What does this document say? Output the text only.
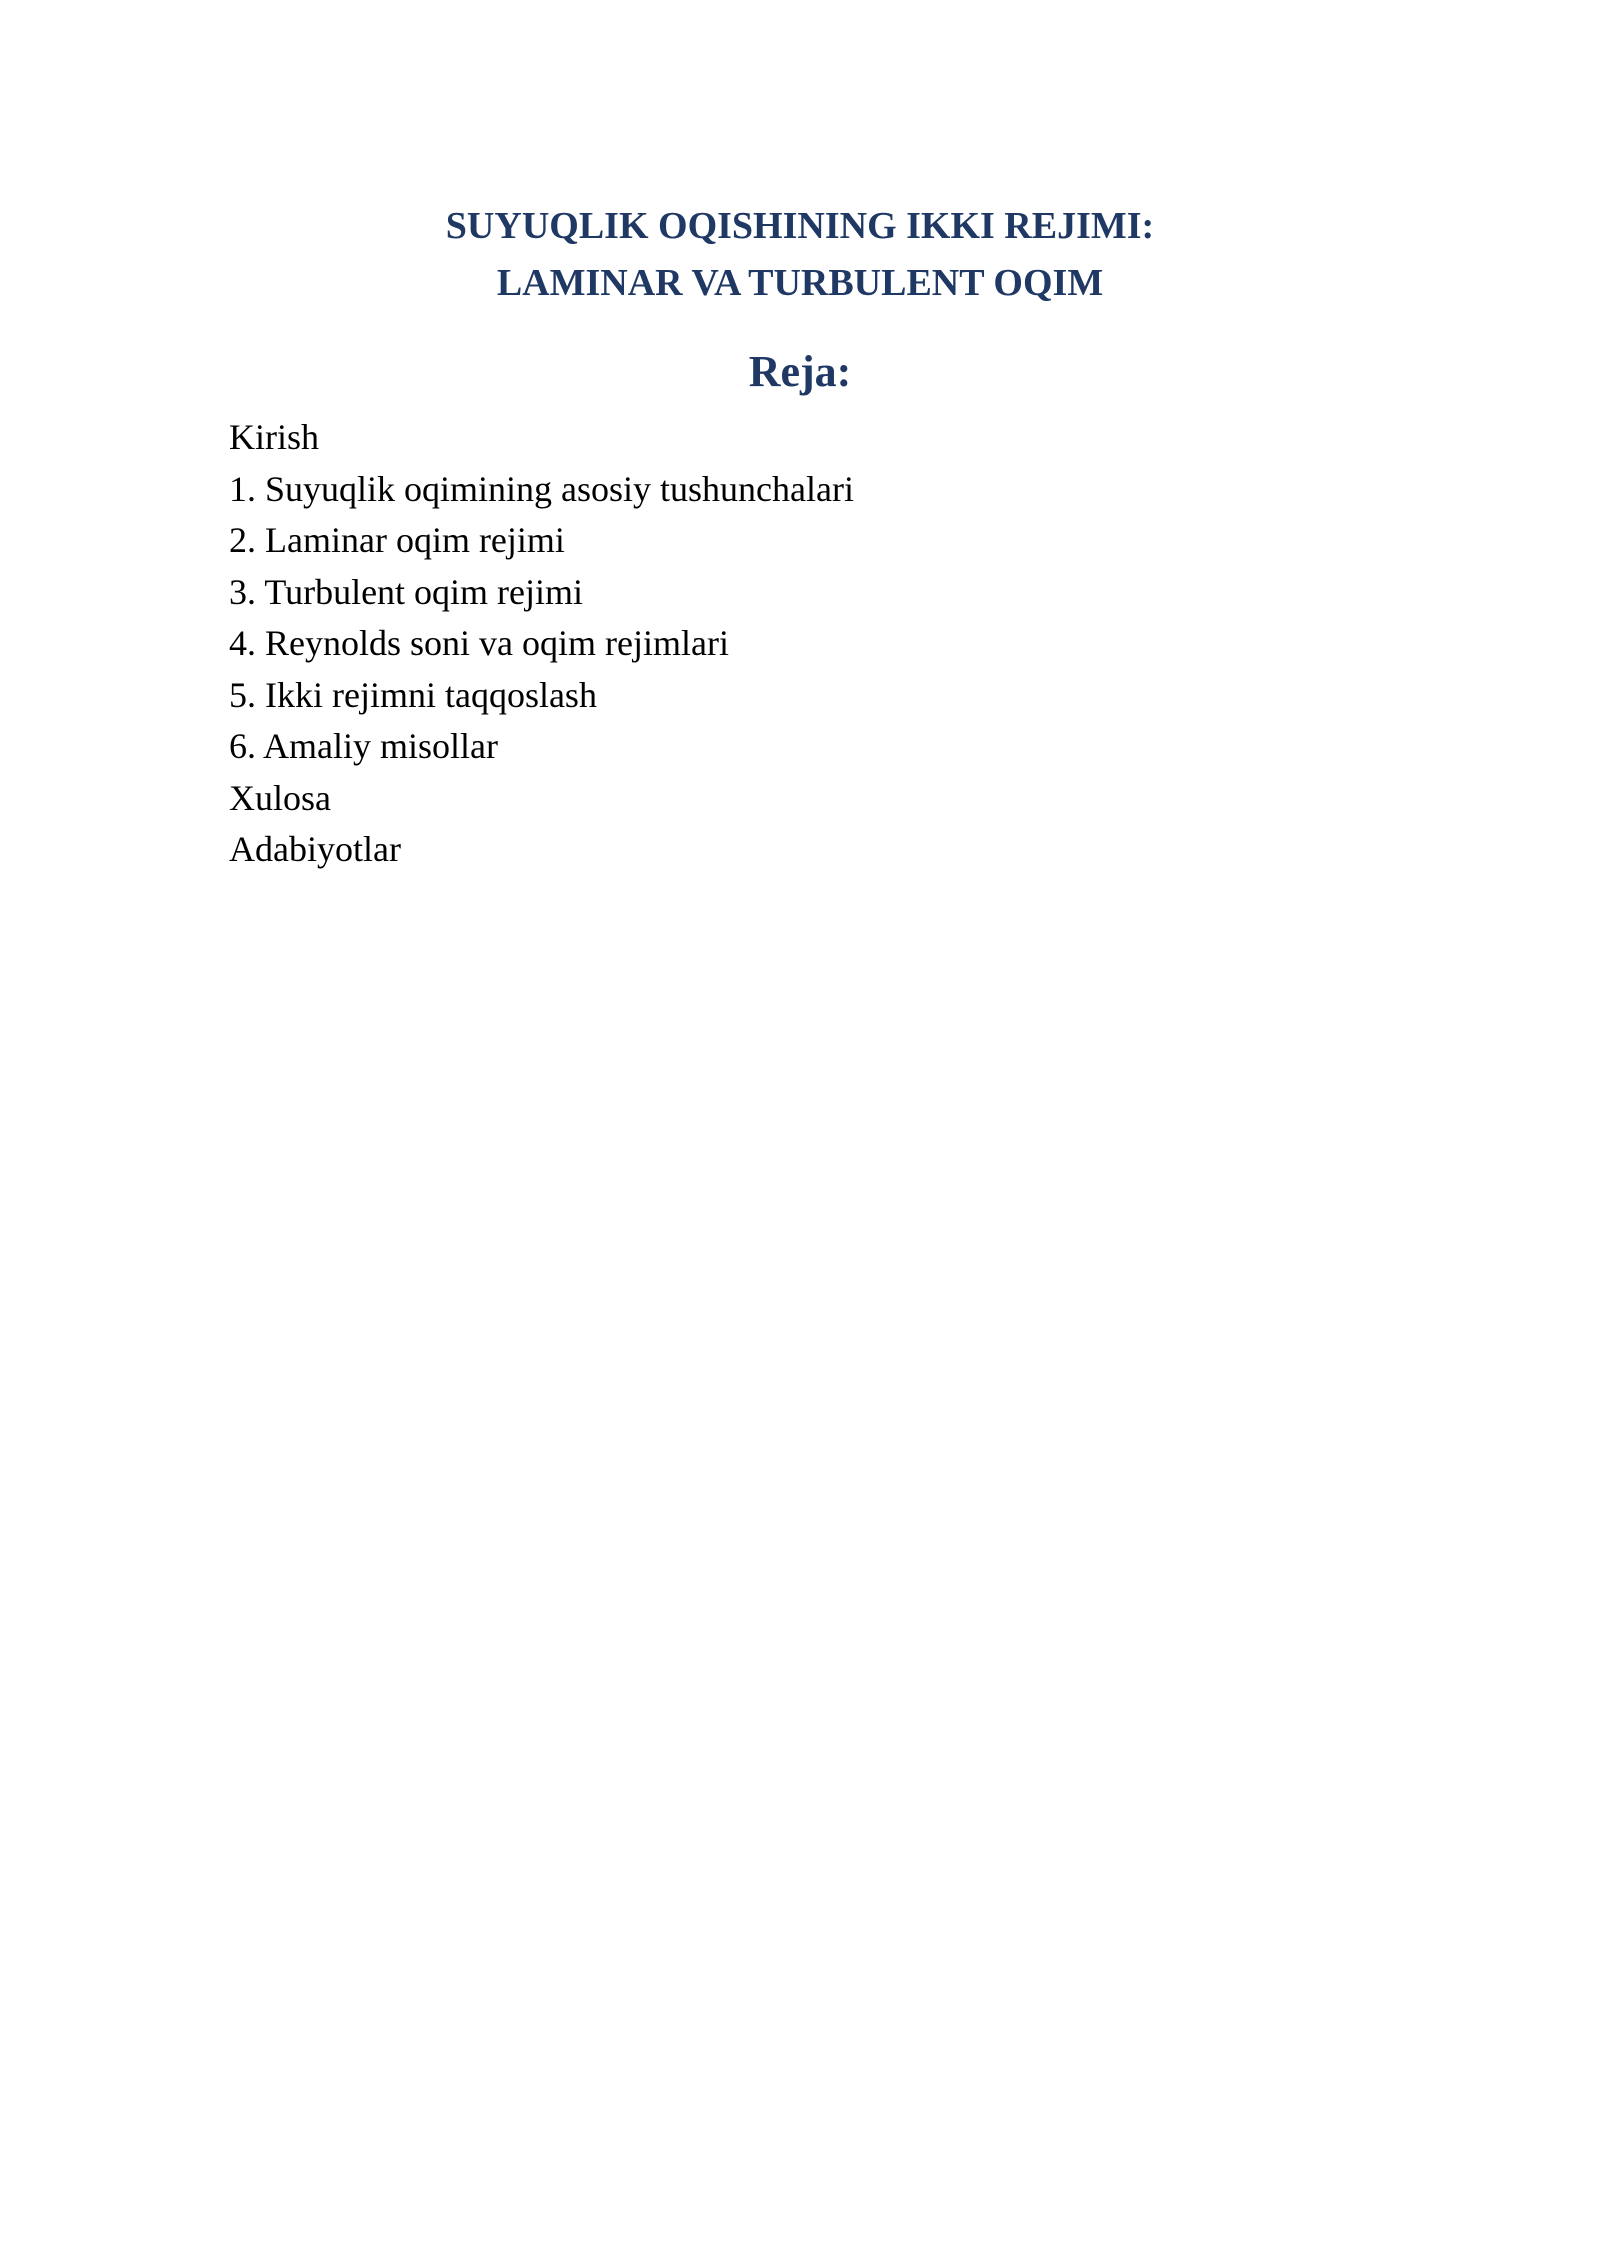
SUYUQLIK OQISHINING IKKI REJIMI:
LAMINAR VA TURBULENT OQIM
Reja:
Kirish
1. Suyuqlik oqimining asosiy tushunchalari
2. Laminar oqim rejimi
3. Turbulent oqim rejimi
4. Reynolds soni va oqim rejimlari
5. Ikki rejimni taqqoslash
6. Amaliy misollar
Xulosa
Adabiyotlar
